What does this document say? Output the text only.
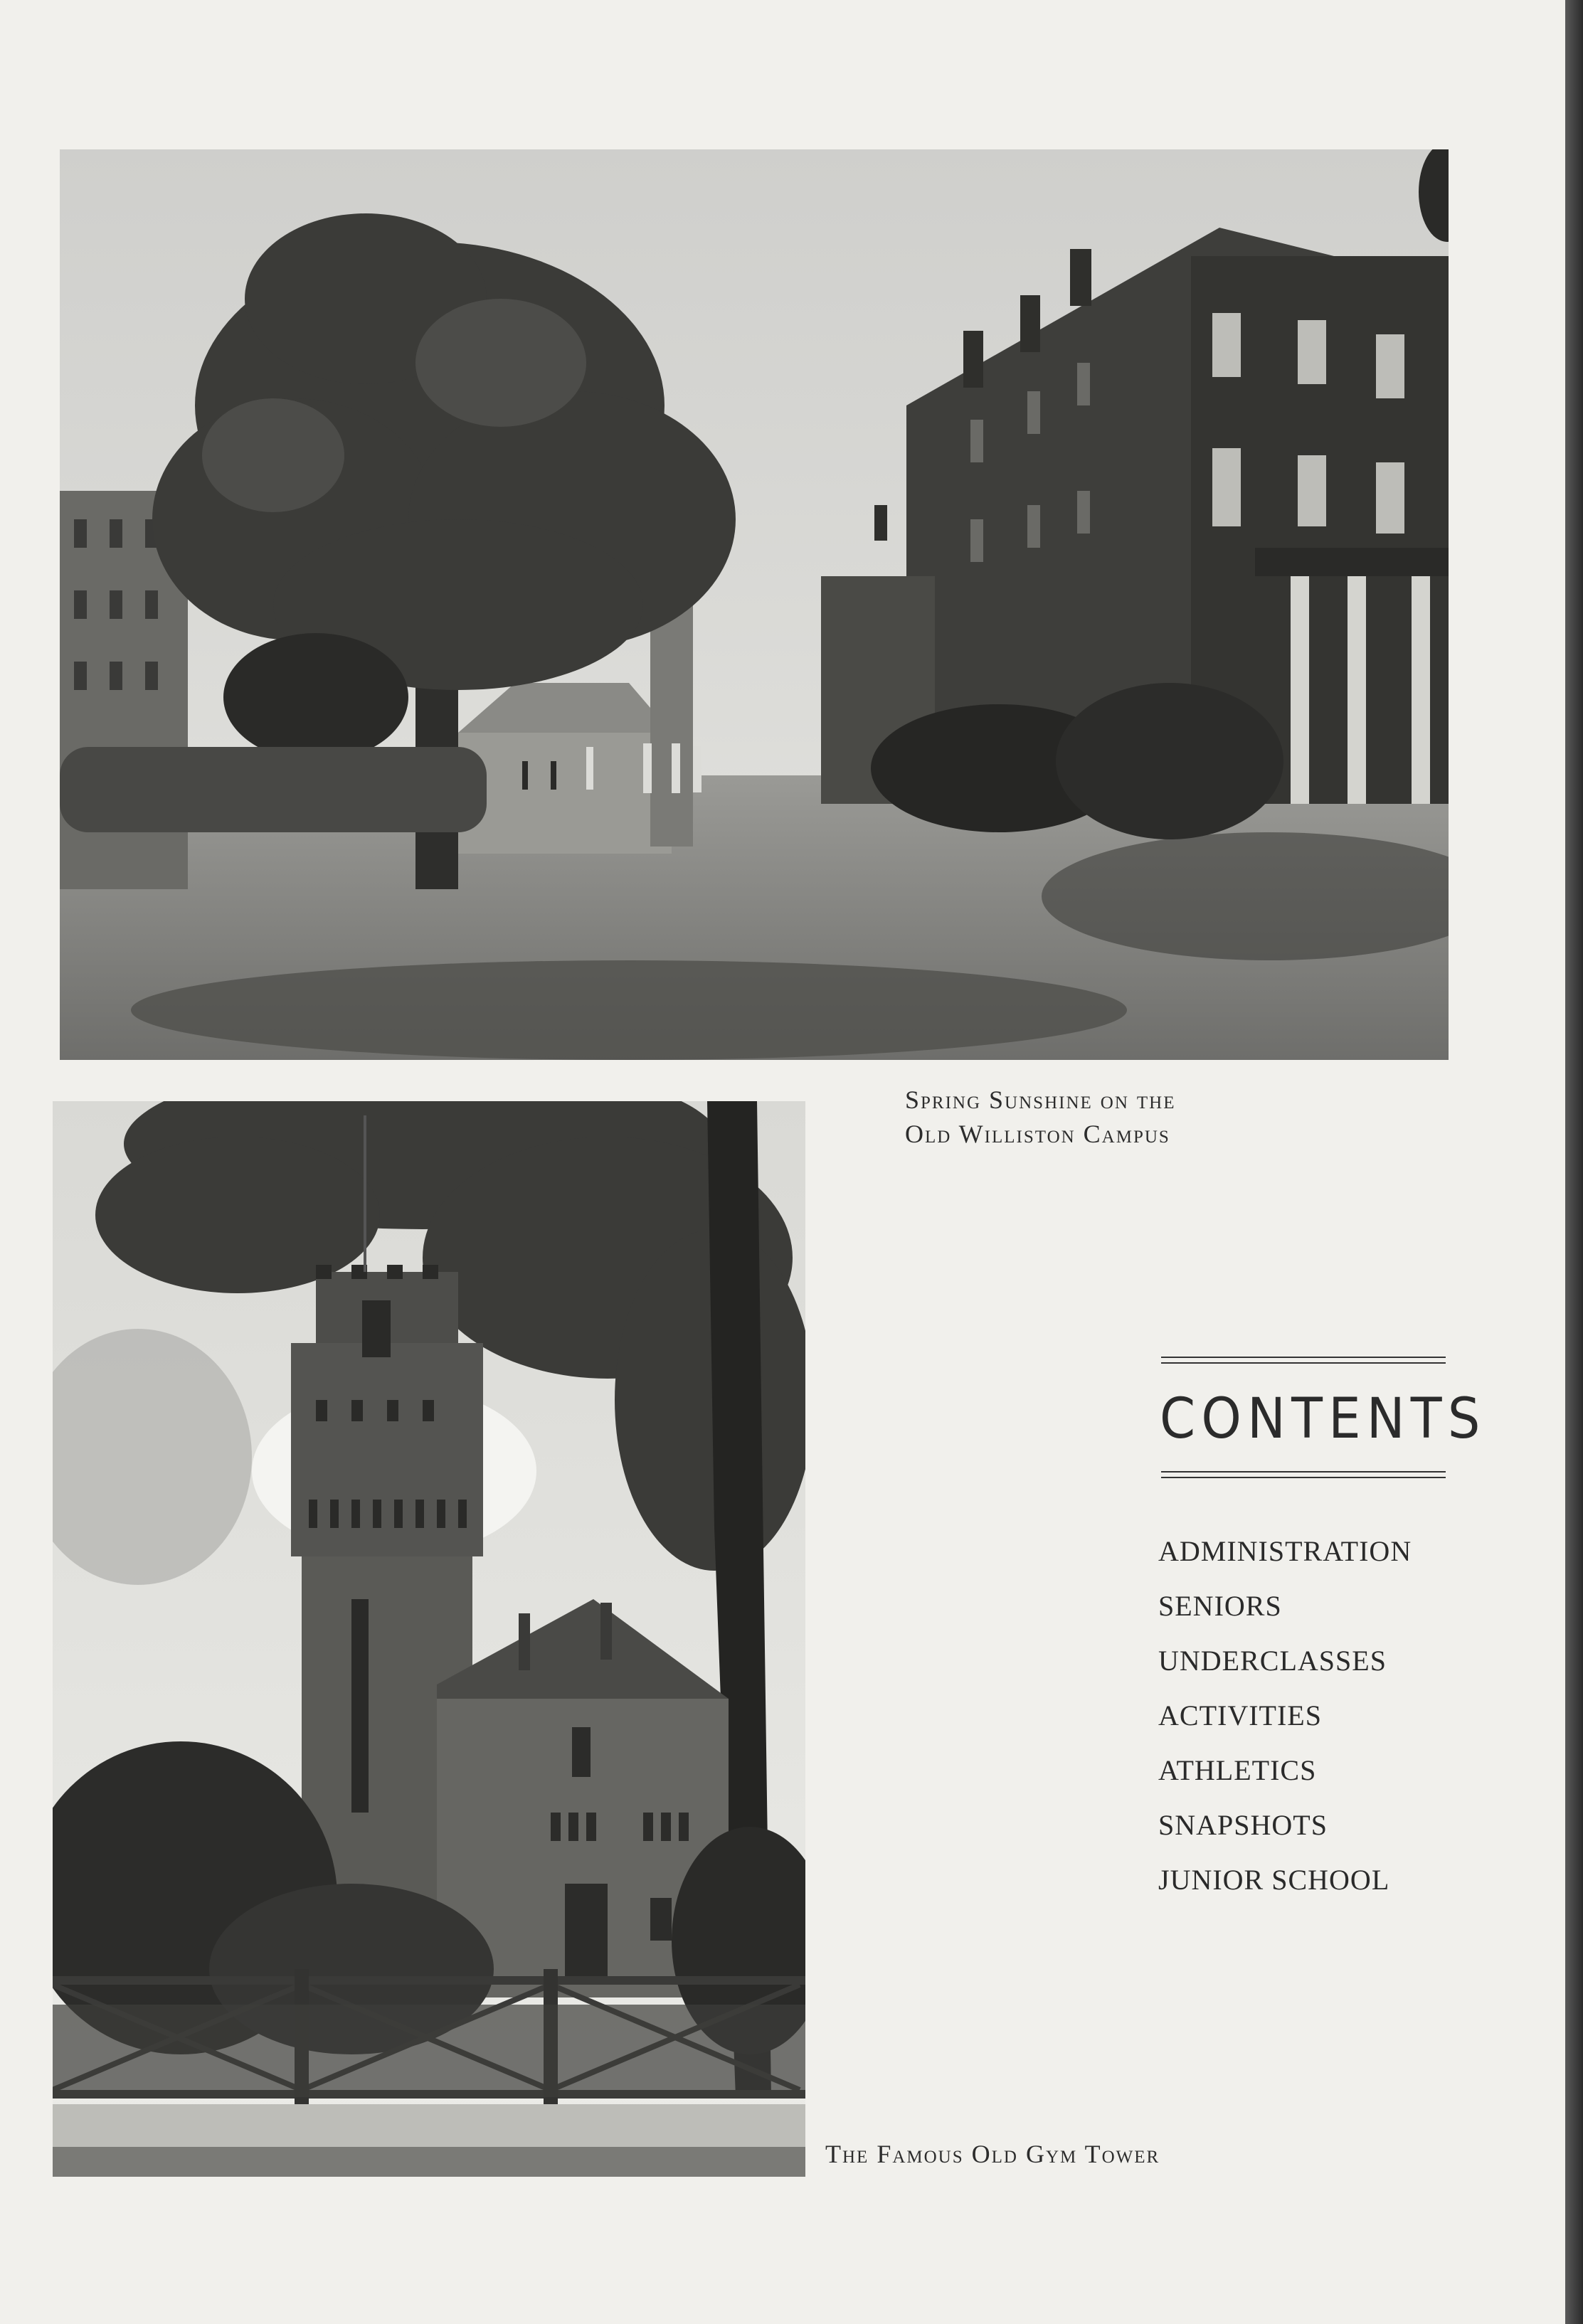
Spring Sunshine on the
Old Williston Campus
The Famous Old Gym Tower
CONTENTS
ADMINISTRATION
SENIORS
UNDERCLASSES
ACTIVITIES
ATHLETICS
SNAPSHOTS
JUNIOR SCHOOL
